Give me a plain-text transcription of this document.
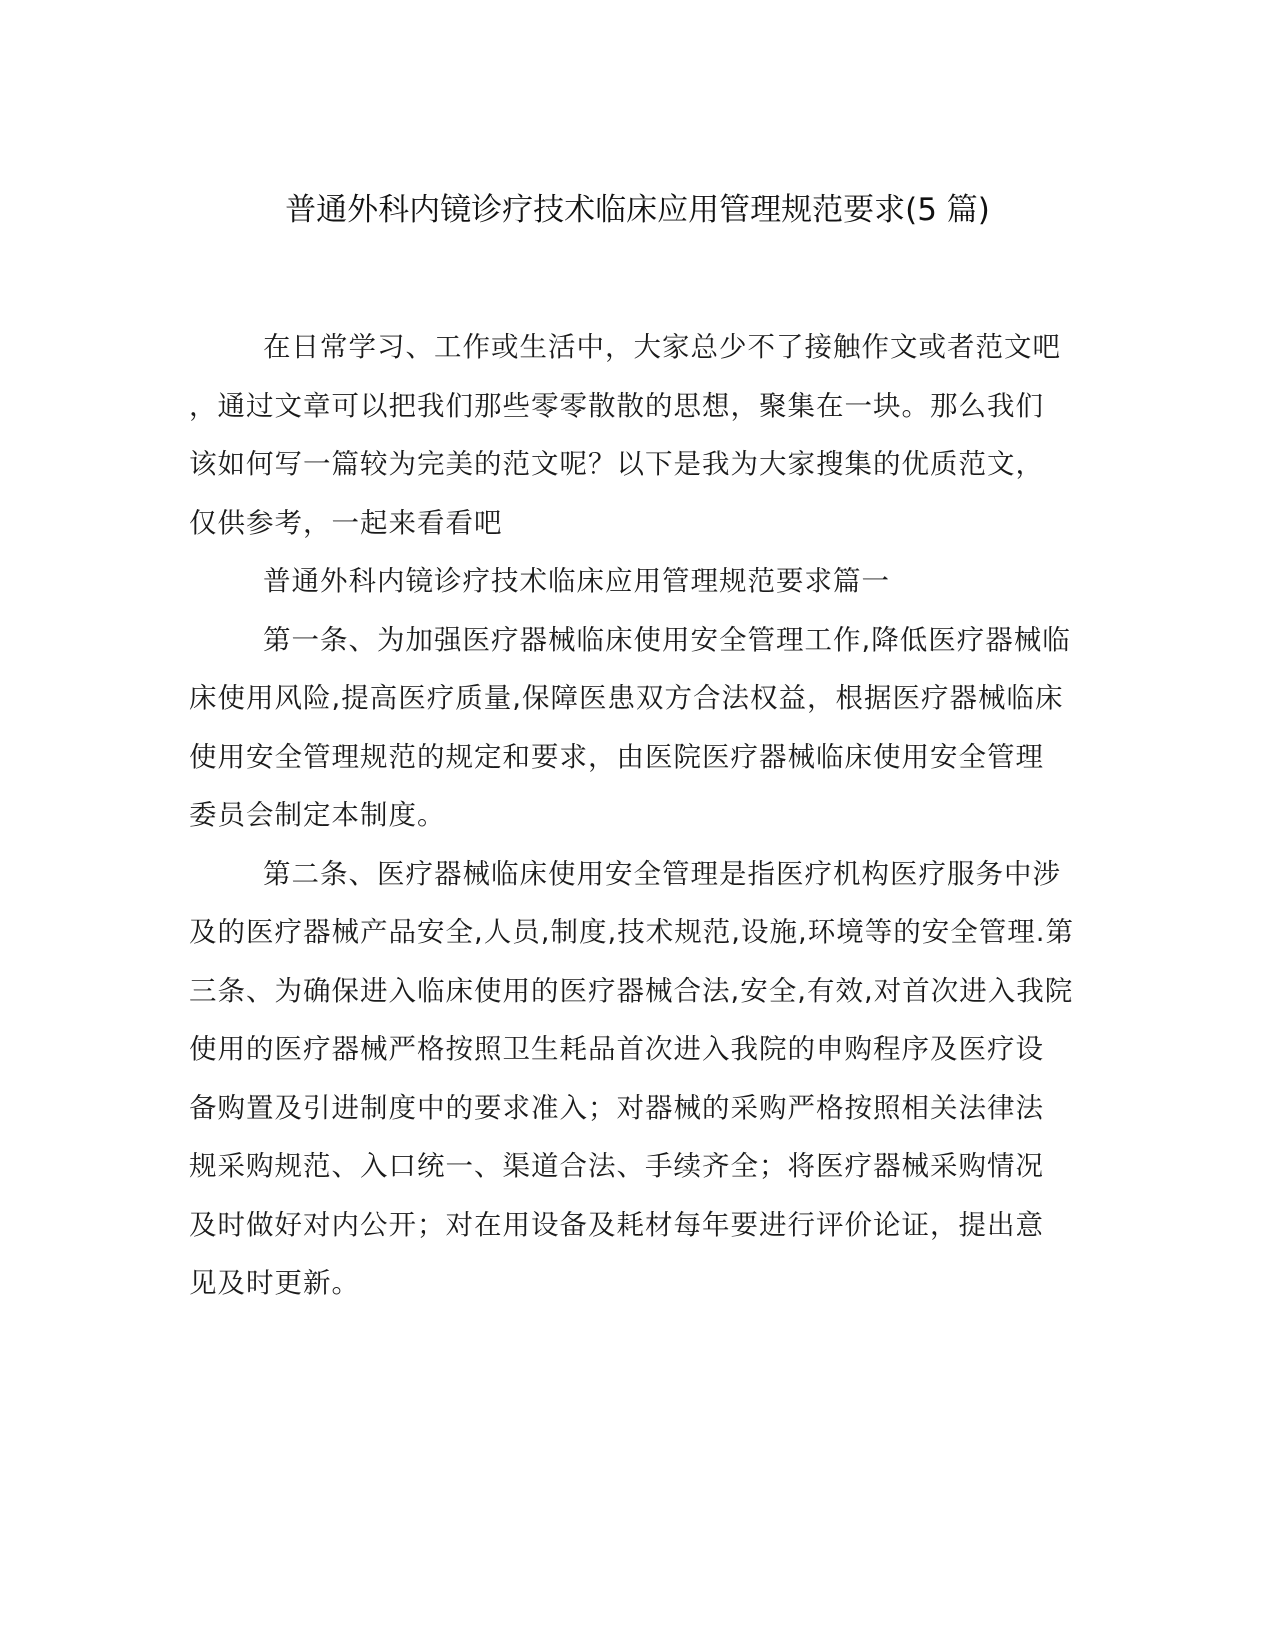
普通外科内镜诊疗技术临床应用管理规范要求(5 篇)

在日常学习、工作或生活中，大家总少不了接触作文或者范文吧
，通过文章可以把我们那些零零散散的思想，聚集在一块。那么我们
该如何写一篇较为完美的范文呢？以下是我为大家搜集的优质范文，
仅供参考，一起来看看吧

普通外科内镜诊疗技术临床应用管理规范要求篇一

第一条、为加强医疗器械临床使用安全管理工作,降低医疗器械临
床使用风险,提高医疗质量,保障医患双方合法权益，根据医疗器械临床
使用安全管理规范的规定和要求，由医院医疗器械临床使用安全管理
委员会制定本制度。

第二条、医疗器械临床使用安全管理是指医疗机构医疗服务中涉
及的医疗器械产品安全,人员,制度,技术规范,设施,环境等的安全管理.第
三条、为确保进入临床使用的医疗器械合法,安全,有效,对首次进入我院
使用的医疗器械严格按照卫生耗品首次进入我院的申购程序及医疗设
备购置及引进制度中的要求准入；对器械的采购严格按照相关法律法
规采购规范、入口统一、渠道合法、手续齐全；将医疗器械采购情况
及时做好对内公开；对在用设备及耗材每年要进行评价论证，提出意
见及时更新。
